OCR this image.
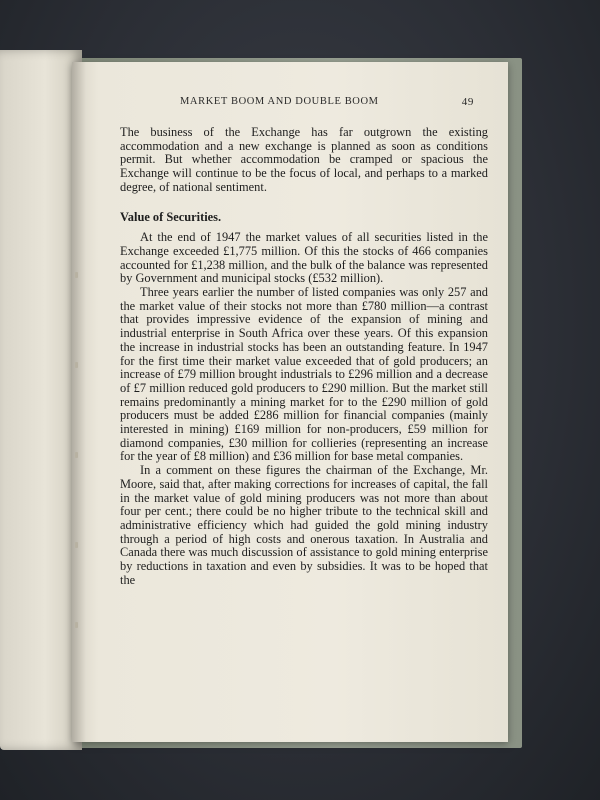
MARKET BOOM AND DOUBLE BOOM	49

The business of the Exchange has far outgrown the existing accommodation and a new exchange is planned as soon as conditions permit. But whether accommodation be cramped or spacious the Exchange will continue to be the focus of local, and perhaps to a marked degree, of national sentiment.

Value of Securities.

At the end of 1947 the market values of all securities listed in the Exchange exceeded £1,775 million. Of this the stocks of 466 companies accounted for £1,238 million, and the bulk of the balance was represented by Government and municipal stocks (£532 million).

Three years earlier the number of listed companies was only 257 and the market value of their stocks not more than £780 million—a contrast that provides impressive evidence of the expansion of mining and industrial enterprise in South Africa over these years. Of this expansion the increase in industrial stocks has been an outstanding feature. In 1947 for the first time their market value exceeded that of gold producers; an increase of £79 million brought industrials to £296 million and a decrease of £7 million reduced gold producers to £290 million. But the market still remains predominantly a mining market for to the £290 million of gold producers must be added £286 million for financial companies (mainly interested in mining) £169 million for non-producers, £59 million for diamond companies, £30 million for collieries (representing an increase for the year of £8 million) and £36 million for base metal companies.

In a comment on these figures the chairman of the Exchange, Mr. Moore, said that, after making corrections for increases of capital, the fall in the market value of gold mining producers was not more than about four per cent.; there could be no higher tribute to the technical skill and administrative efficiency which had guided the gold mining industry through a period of high costs and onerous taxation. In Australia and Canada there was much discussion of assistance to gold mining enterprise by reductions in taxation and even by subsidies. It was to be hoped that the
